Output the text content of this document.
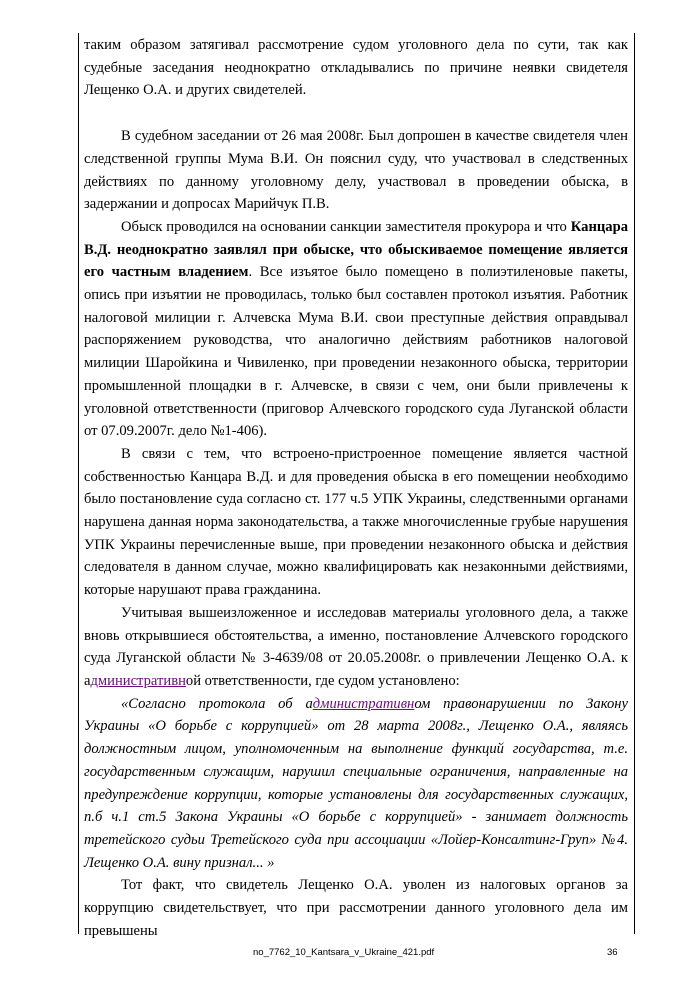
таким образом затягивал рассмотрение судом уголовного дела по сути, так как судебные заседания неоднократно откладывались по причине неявки свидетеля Лещенко О.А. и других свидетелей.

В судебном заседании от 26 мая 2008г. Был допрошен в качестве свидетеля член следственной группы Мума В.И. Он пояснил суду, что участвовал в следственных действиях по данному уголовному делу, участвовал в проведении обыска, в задержании и допросах Марийчук П.В.

Обыск проводился на основании санкции заместителя прокурора и что Канцара В.Д. неоднократно заявлял при обыске, что обыскиваемое помещение является его частным владением. Все изъятое было помещено в полиэтиленовые пакеты, опись при изъятии не проводилась, только был составлен протокол изъятия. Работник налоговой милиции г. Алчевска Мума В.И. свои преступные действия оправдывал распоряжением руководства, что аналогично действиям работников налоговой милиции Шаройкина и Чивиленко, при проведении незаконного обыска, территории промышленной площадки в г. Алчевске, в связи с чем, они были привлечены к уголовной ответственности (приговор Алчевского городского суда Луганской области от 07.09.2007г. дело №1-406).

В связи с тем, что встроено-пристроенное помещение является частной собственностью Канцара В.Д. и для проведения обыска в его помещении необходимо было постановление суда согласно ст. 177 ч.5 УПК Украины, следственными органами нарушена данная норма законодательства, а также многочисленные грубые нарушения УПК Украины перечисленные выше, при проведении незаконного обыска и действия следователя в данном случае, можно квалифицировать как незаконными действиями, которые нарушают права гражданина.

Учитывая вышеизложенное и исследовав материалы уголовного дела, а также вновь открывшиеся обстоятельства, а именно, постановление Алчевского городского суда Луганской области № 3-4639/08 от 20.05.2008г. о привлечении Лещенко О.А. к административной ответственности, где судом установлено:

«Согласно протокола об административном правонарушении по Закону Украины «О борьбе с коррупцией» от 28 марта 2008г., Лещенко О.А., являясь должностным лицом, уполномоченным на выполнение функций государства, т.е. государственным служащим, нарушил специальные ограничения, направленные на предупреждение коррупции, которые установлены для государственных служащих, п.б ч.1 ст.5 Закона Украины «О борьбе с коррупцией» - занимает должность третейского судьи Третейского суда при ассоциации «Лойер-Консалтинг-Груп» №4. Лещенко О.А. вину признал... »

Тот факт, что свидетель Лещенко О.А. уволен из налоговых органов за коррупцию свидетельствует, что при рассмотрении данного уголовного дела им превышены

no_7762_10_Kantsara_v_Ukraine_421.pdf	36
